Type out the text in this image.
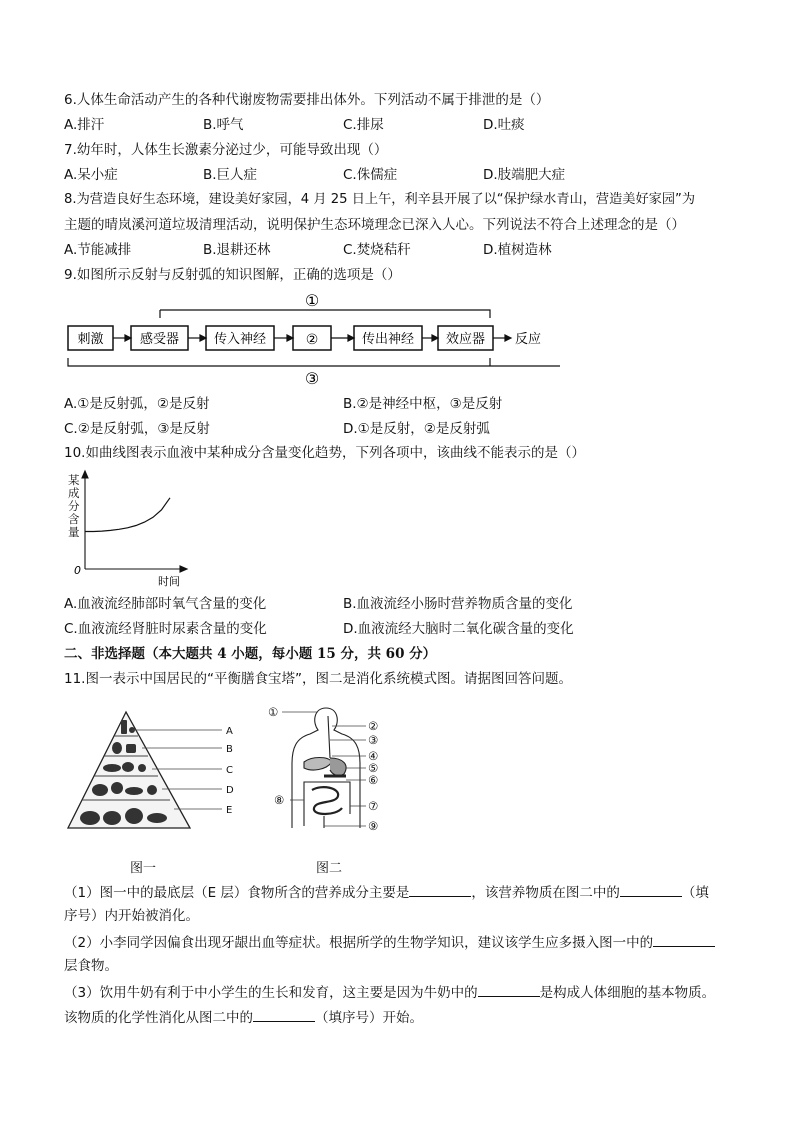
6.人体生命活动产生的各种代谢废物需要排出体外。下列活动不属于排泄的是（）
A.排汗	B.呼气	C.排尿	D.吐痰
7.幼年时，人体生长激素分泌过少，可能导致出现（）
A.呆小症	B.巨人症	C.侏儒症	D.肢端肥大症
8.为营造良好生态环境，建设美好家园，4 月 25 日上午，利辛县开展了以“保护绿水青山，营造美好家园”为
主题的晴岚溪河道垃圾清理活动，说明保护生态环境理念已深入人心。下列说法不符合上述理念的是（）
A.节能减排	B.退耕还林	C.焚烧秸秆	D.植树造林
9.如图所示反射与反射弧的知识图解，正确的选项是（）
①
③
刺激	感受器	传入神经	②	传出神经 效应器 反应
A.①是反射弧，②是反射	B.②是神经中枢，③是反射
C.②是反射弧，③是反射	D.①是反射，②是反射弧
10.如曲线图表示血液中某种成分含量变化趋势，下列各项中，该曲线不能表示的是（）
某
成
分
含
量
0
时间
A.血液流经肺部时氧气含量的变化	B.血液流经小肠时营养物质含量的变化
C.血液流经肾脏时尿素含量的变化	D.血液流经大脑时二氧化碳含量的变化
二、非选择题（本大题共 4 小题，每小题 15 分，共 60 分）
11.图一表示中国居民的“平衡膳食宝塔”，图二是消化系统模式图。请据图回答问题。
A
B
C
D
E
①
②
③
④
⑤
⑥
⑦
⑧
⑨
图一	图二
（1）图一中的最底层（E 层）食物所含的营养成分主要是	，该营养物质在图二中的	（填
序号）内开始被消化。
（2）小李同学因偏食出现牙龈出血等症状。根据所学的生物学知识，建议该学生应多摄入图一中的
层食物。
（3）饮用牛奶有利于中小学生的生长和发育，这主要是因为牛奶中的	是构成人体细胞的基本物质。
该物质的化学性消化从图二中的	（填序号）开始。
